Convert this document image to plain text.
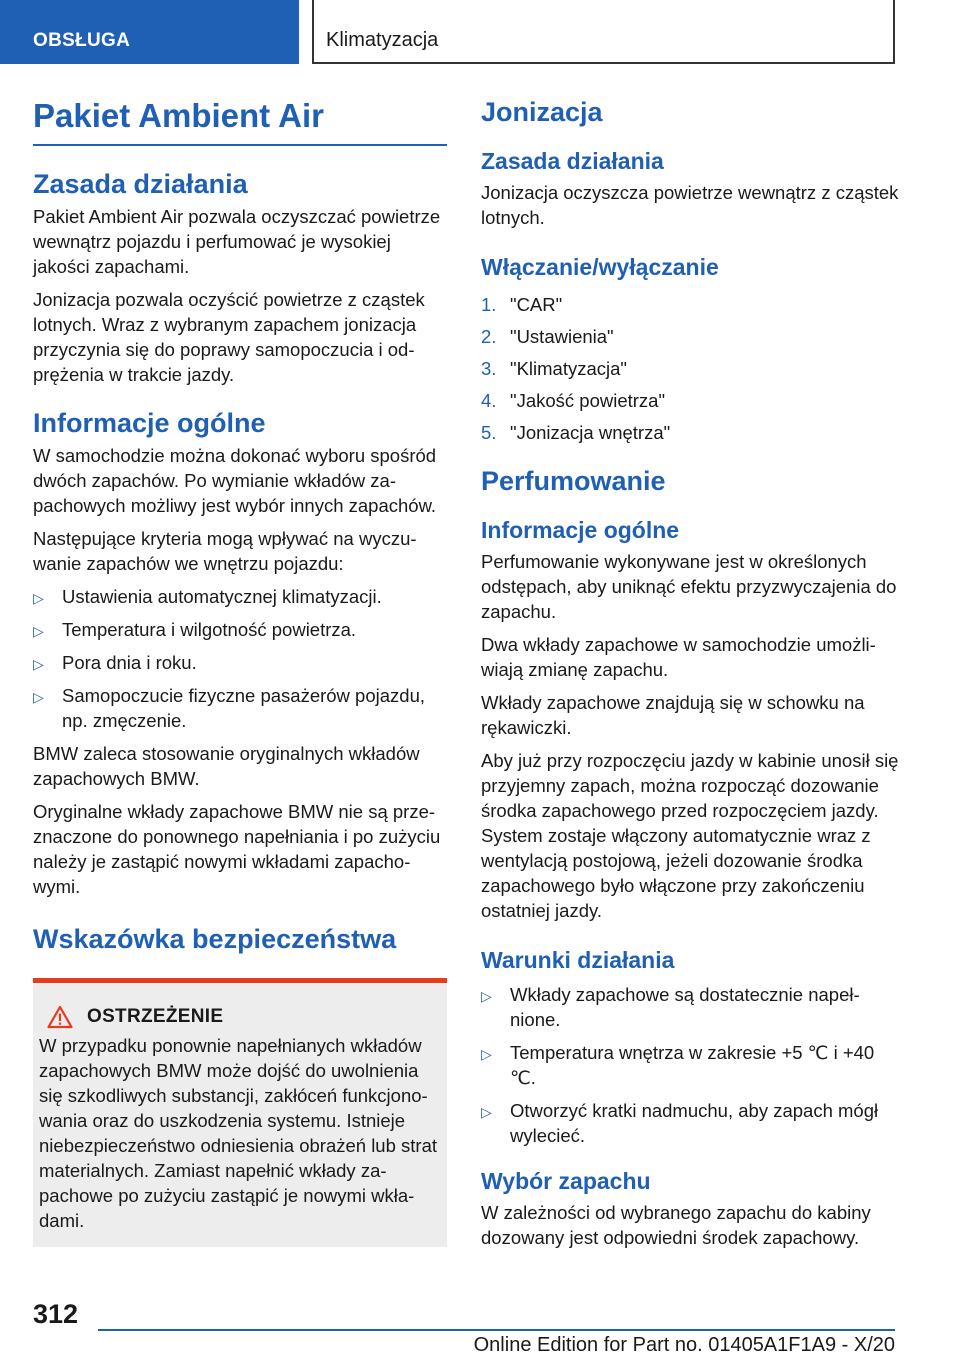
OBSŁUGA	Klimatyzacja
Pakiet Ambient Air
Zasada działania

Pakiet Ambient Air pozwala oczyszczać powietrze wewnątrz pojazdu i perfumować je wysokiej jakości zapachami.

Jonizacja pozwala oczyścić powietrze z cząstek lotnych. Wraz z wybranym zapachem jonizacja przyczynia się do poprawy samopoczucia i odprężenia w trakcie jazdy.

Informacje ogólne

W samochodzie można dokonać wyboru spośród dwóch zapachów. Po wymianie wkładów zapachowych możliwy jest wybór innych zapachów.

Następujące kryteria mogą wpływać na wyczuwanie zapachów we wnętrzu pojazdu:

▷ Ustawienia automatycznej klimatyzacji.
▷ Temperatura i wilgotność powietrza.
▷ Pora dnia i roku.
▷ Samopoczucie fizyczne pasażerów pojazdu, np. zmęczenie.

BMW zaleca stosowanie oryginalnych wkładów zapachowych BMW.

Oryginalne wkłady zapachowe BMW nie są przeznaczone do ponownego napełniania i po zużyciu należy je zastąpić nowymi wkładami zapachowymi.

Wskazówka bezpieczeństwa
OSTRZEŻENIE

W przypadku ponownie napełnianych wkładów zapachowych BMW może dojść do uwolnienia się szkodliwych substancji, zakłóceń funkcjonowania oraz do uszkodzenia systemu. Istnieje niebezpieczeństwo odniesienia obrażeń lub strat materialnych. Zamiast napełnić wkłady zapachowe po zużyciu zastąpić je nowymi wkładami.

Jonizacja
Zasada działania

Jonizacja oczyszcza powietrze wewnątrz z cząstek lotnych.

Włączanie/wyłączanie
1. "CAR"
2. "Ustawienia"
3. "Klimatyzacja"
4. "Jakość powietrza"
5. "Jonizacja wnętrza"
Perfumowanie
Informacje ogólne

Perfumowanie wykonywane jest w określonych odstępach, aby uniknąć efektu przyzwyczajenia do zapachu.

Dwa wkłady zapachowe w samochodzie umożliwiają zmianę zapachu.

Wkłady zapachowe znajdują się w schowku na rękawiczki.

Aby już przy rozpoczęciu jazdy w kabinie unosił się przyjemny zapach, można rozpocząć dozowanie środka zapachowego przed rozpoczęciem jazdy. System zostaje włączony automatycznie wraz z wentylacją postojową, jeżeli dozowanie środka zapachowego było włączone przy zakończeniu ostatniej jazdy.

Warunki działania
▷ Wkłady zapachowe są dostatecznie napełnione.
▷ Temperatura wnętrza w zakresie +5 ℃ i +40 ℃.
▷ Otworzyć kratki nadmuchu, aby zapach mógł wylecieć.
Wybór zapachu

W zależności od wybranego zapachu do kabiny dozowany jest odpowiedni środek zapachowy.

312
Online Edition for Part no. 01405A1F1A9 - X/20
